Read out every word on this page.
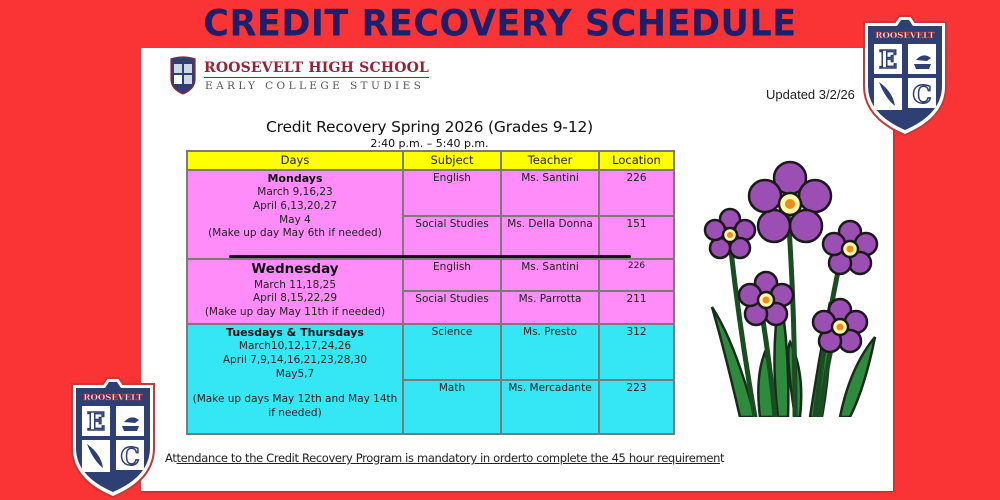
CREDIT RECOVERY SCHEDULE
ROOSEVELT HIGH SCHOOL
EARLY COLLEGE STUDIES
Updated 3/2/26
Credit Recovery Spring 2026 (Grades 9-12)
2:40 p.m. – 5:40 p.m.
Days	Subject	Teacher	Location

Mondays
March 9,16,23
April 6,13,20,27
May 4
(Make up day May 6th if needed)	English	Ms. Santini	226
	Social Studies	Ms. Della Donna	151

Wednesday
March 11,18,25
April 8,15,22,29
(Make up day May 11th if needed)	English	Ms. Santini	226
	Social Studies	Ms. Parrotta	211

Tuesdays & Thursdays
March10,12,17,24,26
April 7,9,14,16,21,23,28,30
May5,7
(Make up days May 12th and May 14th
if needed)
	Science	Ms. Presto	312
	Math	Ms. Mercadante	223
Attendance to the Credit Recovery Program is mandatory in orderto complete the 45 hour requirement
ROOSEVELT
E
C
ROOSEVELT
E
C
